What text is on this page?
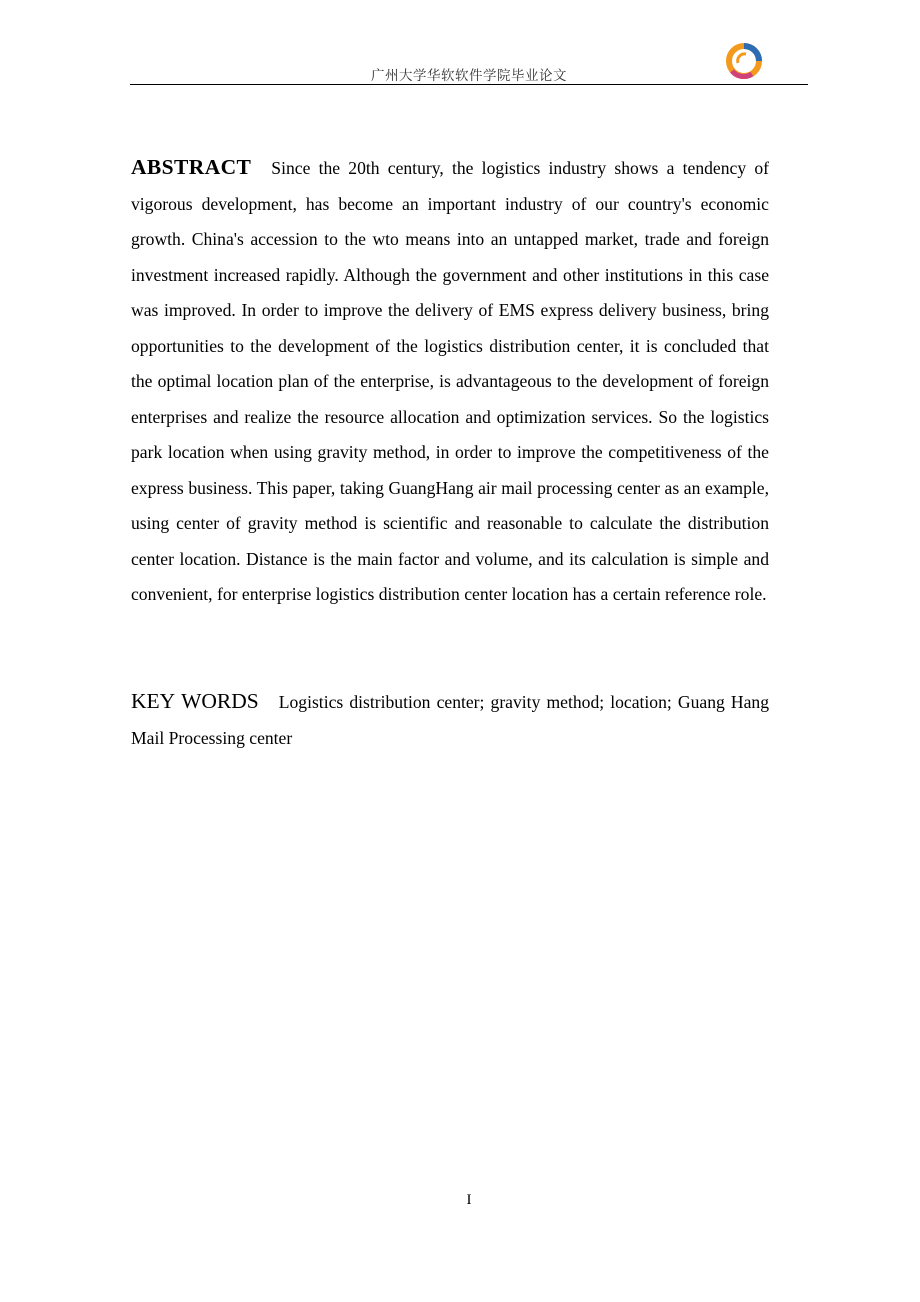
广州大学华软软件学院毕业论文
ABSTRACT Since the 20th century, the logistics industry shows a tendency of vigorous development, has become an important industry of our country's economic growth. China's accession to the wto means into an untapped market, trade and foreign investment increased rapidly. Although the government and other institutions in this case was improved. In order to improve the delivery of EMS express delivery business, bring opportunities to the development of the logistics distribution center, it is concluded that the optimal location plan of the enterprise, is advantageous to the development of foreign enterprises and realize the resource allocation and optimization services. So the logistics park location when using gravity method, in order to improve the competitiveness of the express business. This paper, taking GuangHang air mail processing center as an example, using center of gravity method is scientific and reasonable to calculate the distribution center location. Distance is the main factor and volume, and its calculation is simple and convenient, for enterprise logistics distribution center location has a certain reference role.
KEY WORDS Logistics distribution center; gravity method; location; Guang Hang Mail Processing center
I
